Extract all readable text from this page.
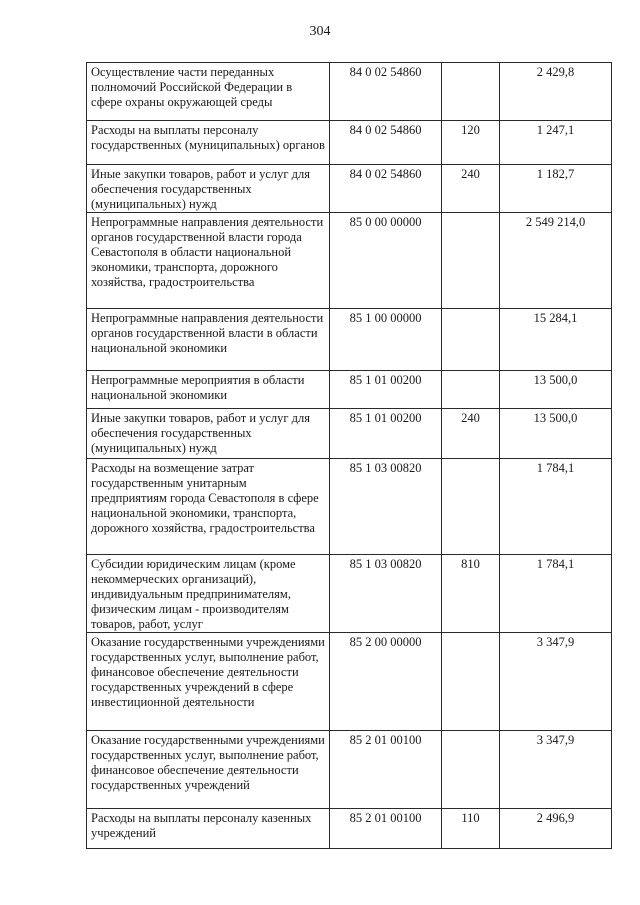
304
Осуществление части переданных полномочий Российской Федерации в сфере охраны окружающей среды	84 0 02 54860		2 429,8
Расходы на выплаты персоналу государственных (муниципальных) органов	84 0 02 54860	120	1 247,1
Иные закупки товаров, работ и услуг для обеспечения государственных (муниципальных) нужд	84 0 02 54860	240	1 182,7
Непрограммные направления деятельности органов государственной власти города Севастополя в области национальной экономики, транспорта, дорожного хозяйства, градостроительства	85 0 00 00000		2 549 214,0
Непрограммные направления деятельности органов государственной власти в области национальной экономики	85 1 00 00000		15 284,1
Непрограммные мероприятия в области национальной экономики	85 1 01 00200		13 500,0
Иные закупки товаров, работ и услуг для обеспечения государственных (муниципальных) нужд	85 1 01 00200	240	13 500,0
Расходы на возмещение затрат государственным унитарным предприятиям города Севастополя в сфере национальной экономики, транспорта, дорожного хозяйства, градостроительства	85 1 03 00820		1 784,1
Субсидии юридическим лицам (кроме некоммерческих организаций), индивидуальным предпринимателям, физическим лицам - производителям товаров, работ, услуг	85 1 03 00820	810	1 784,1
Оказание государственными учреждениями государственных услуг, выполнение работ, финансовое обеспечение деятельности государственных учреждений в сфере инвестиционной деятельности	85 2 00 00000		3 347,9
Оказание государственными учреждениями государственных услуг, выполнение работ, финансовое обеспечение деятельности государственных учреждений	85 2 01 00100		3 347,9
Расходы на выплаты персоналу казенных учреждений	85 2 01 00100	110	2 496,9
